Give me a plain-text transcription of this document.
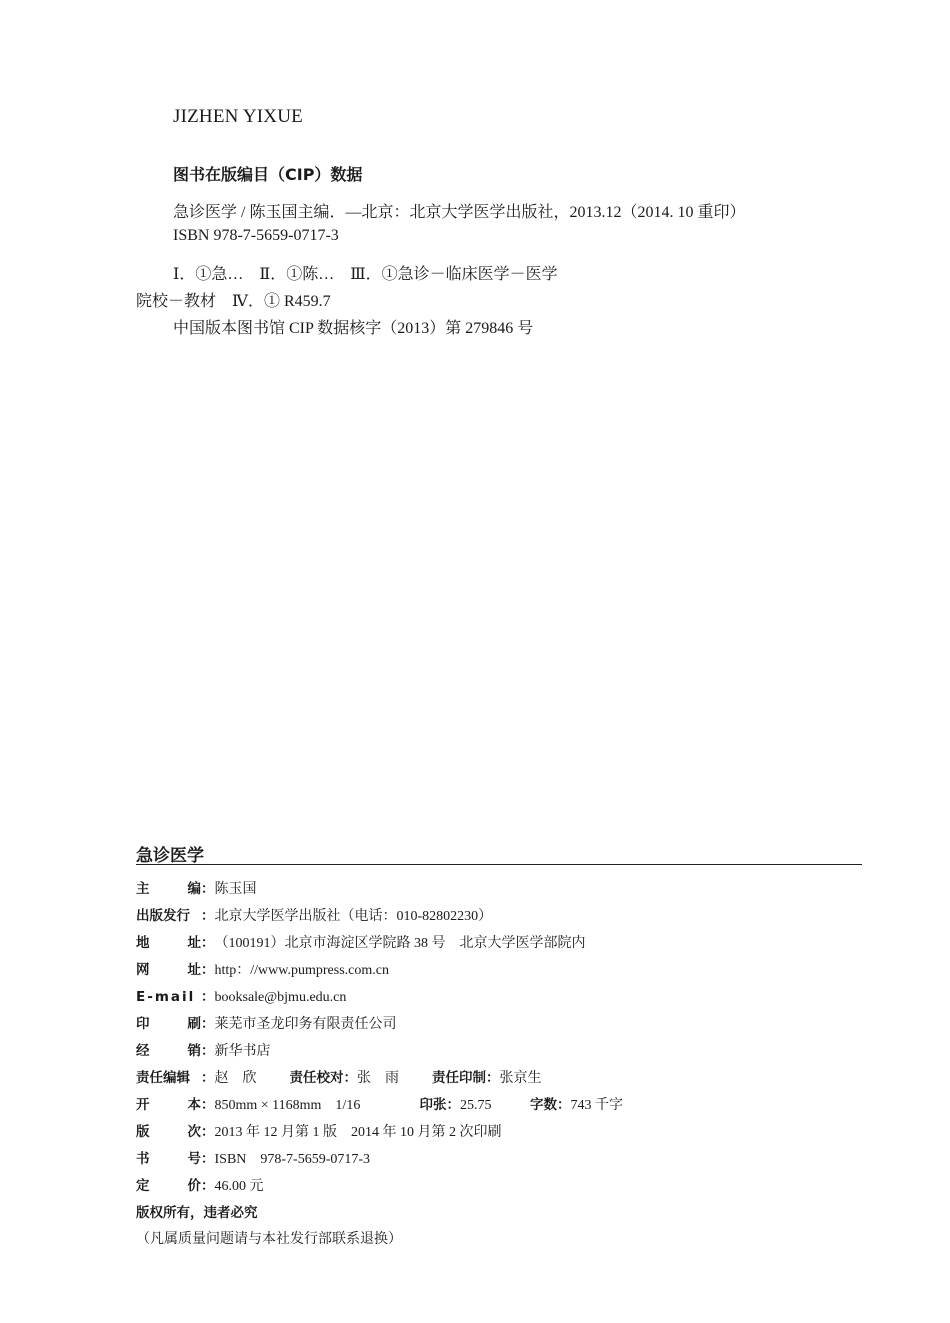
JIZHEN YIXUE
图书在版编目（CIP）数据
急诊医学 / 陈玉国主编．—北京：北京大学医学出版社，2013.12（2014. 10 重印）
ISBN 978-7-5659-0717-3
Ⅰ．①急…　Ⅱ．①陈…　Ⅲ．①急诊－临床医学－医学
院校－教材　Ⅳ．① R459.7
中国版本图书馆 CIP 数据核字（2013）第 279846 号
急诊医学
主	编 ： 陈玉国
出版发行 ： 北京大学医学出版社（电话：010-82802230）
地	址 ： （100191）北京市海淀区学院路 38 号　北京大学医学部院内
网	址 ： http：//www.pumpress.com.cn
E-mail ： booksale@bjmu.edu.cn
印	刷 ： 莱芜市圣龙印务有限责任公司
经	销 ： 新华书店
责任编辑 ： 赵　欣	责任校对 ： 张　雨	责任印制 ： 张京生
开	本 ： 850mm × 1168mm　1/16	印张 ： 25.75	字数 ： 743 千字
版	次 ： 2013 年 12 月第 1 版　2014 年 10 月第 2 次印刷
书	号 ： ISBN　978-7-5659-0717-3
定	价 ： 46.00 元
版权所有，违者必究
（凡属质量问题请与本社发行部联系退换）
